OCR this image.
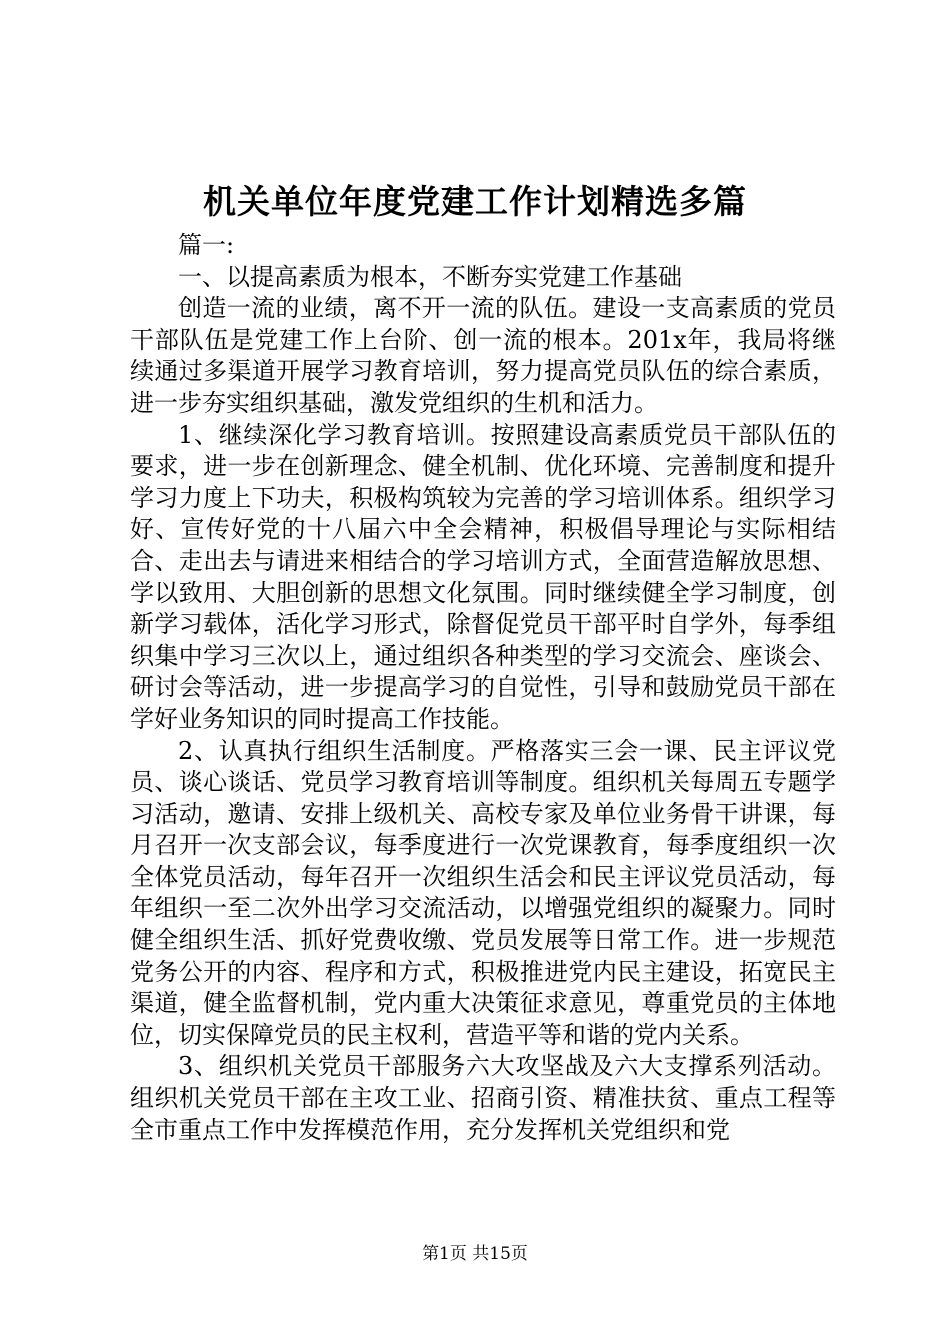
机关单位年度党建工作计划精选多篇

篇一:

一、以提高素质为根本，不断夯实党建工作基础

创造一流的业绩，离不开一流的队伍。建设一支高素质的党员干部队伍是党建工作上台阶、创一流的根本。201x年，我局将继续通过多渠道开展学习教育培训，努力提高党员队伍的综合素质，进一步夯实组织基础，激发党组织的生机和活力。

1、继续深化学习教育培训。按照建设高素质党员干部队伍的要求，进一步在创新理念、健全机制、优化环境、完善制度和提升学习力度上下功夫，积极构筑较为完善的学习培训体系。组织学习好、宣传好党的十八届六中全会精神，积极倡导理论与实际相结合、走出去与请进来相结合的学习培训方式，全面营造解放思想、学以致用、大胆创新的思想文化氛围。同时继续健全学习制度，创新学习载体，活化学习形式，除督促党员干部平时自学外，每季组织集中学习三次以上，通过组织各种类型的学习交流会、座谈会、研讨会等活动，进一步提高学习的自觉性，引导和鼓励党员干部在学好业务知识的同时提高工作技能。

2、认真执行组织生活制度。严格落实三会一课、民主评议党员、谈心谈话、党员学习教育培训等制度。组织机关每周五专题学习活动，邀请、安排上级机关、高校专家及单位业务骨干讲课，每月召开一次支部会议，每季度进行一次党课教育，每季度组织一次全体党员活动，每年召开一次组织生活会和民主评议党员活动，每年组织一至二次外出学习交流活动，以增强党组织的凝聚力。同时健全组织生活、抓好党费收缴、党员发展等日常工作。进一步规范党务公开的内容、程序和方式，积极推进党内民主建设，拓宽民主渠道，健全监督机制，党内重大决策征求意见，尊重党员的主体地位，切实保障党员的民主权利，营造平等和谐的党内关系。

3、组织机关党员干部服务六大攻坚战及六大支撑系列活动。组织机关党员干部在主攻工业、招商引资、精准扶贫、重点工程等全市重点工作中发挥模范作用，充分发挥机关党组织和党

第1页 共15页
